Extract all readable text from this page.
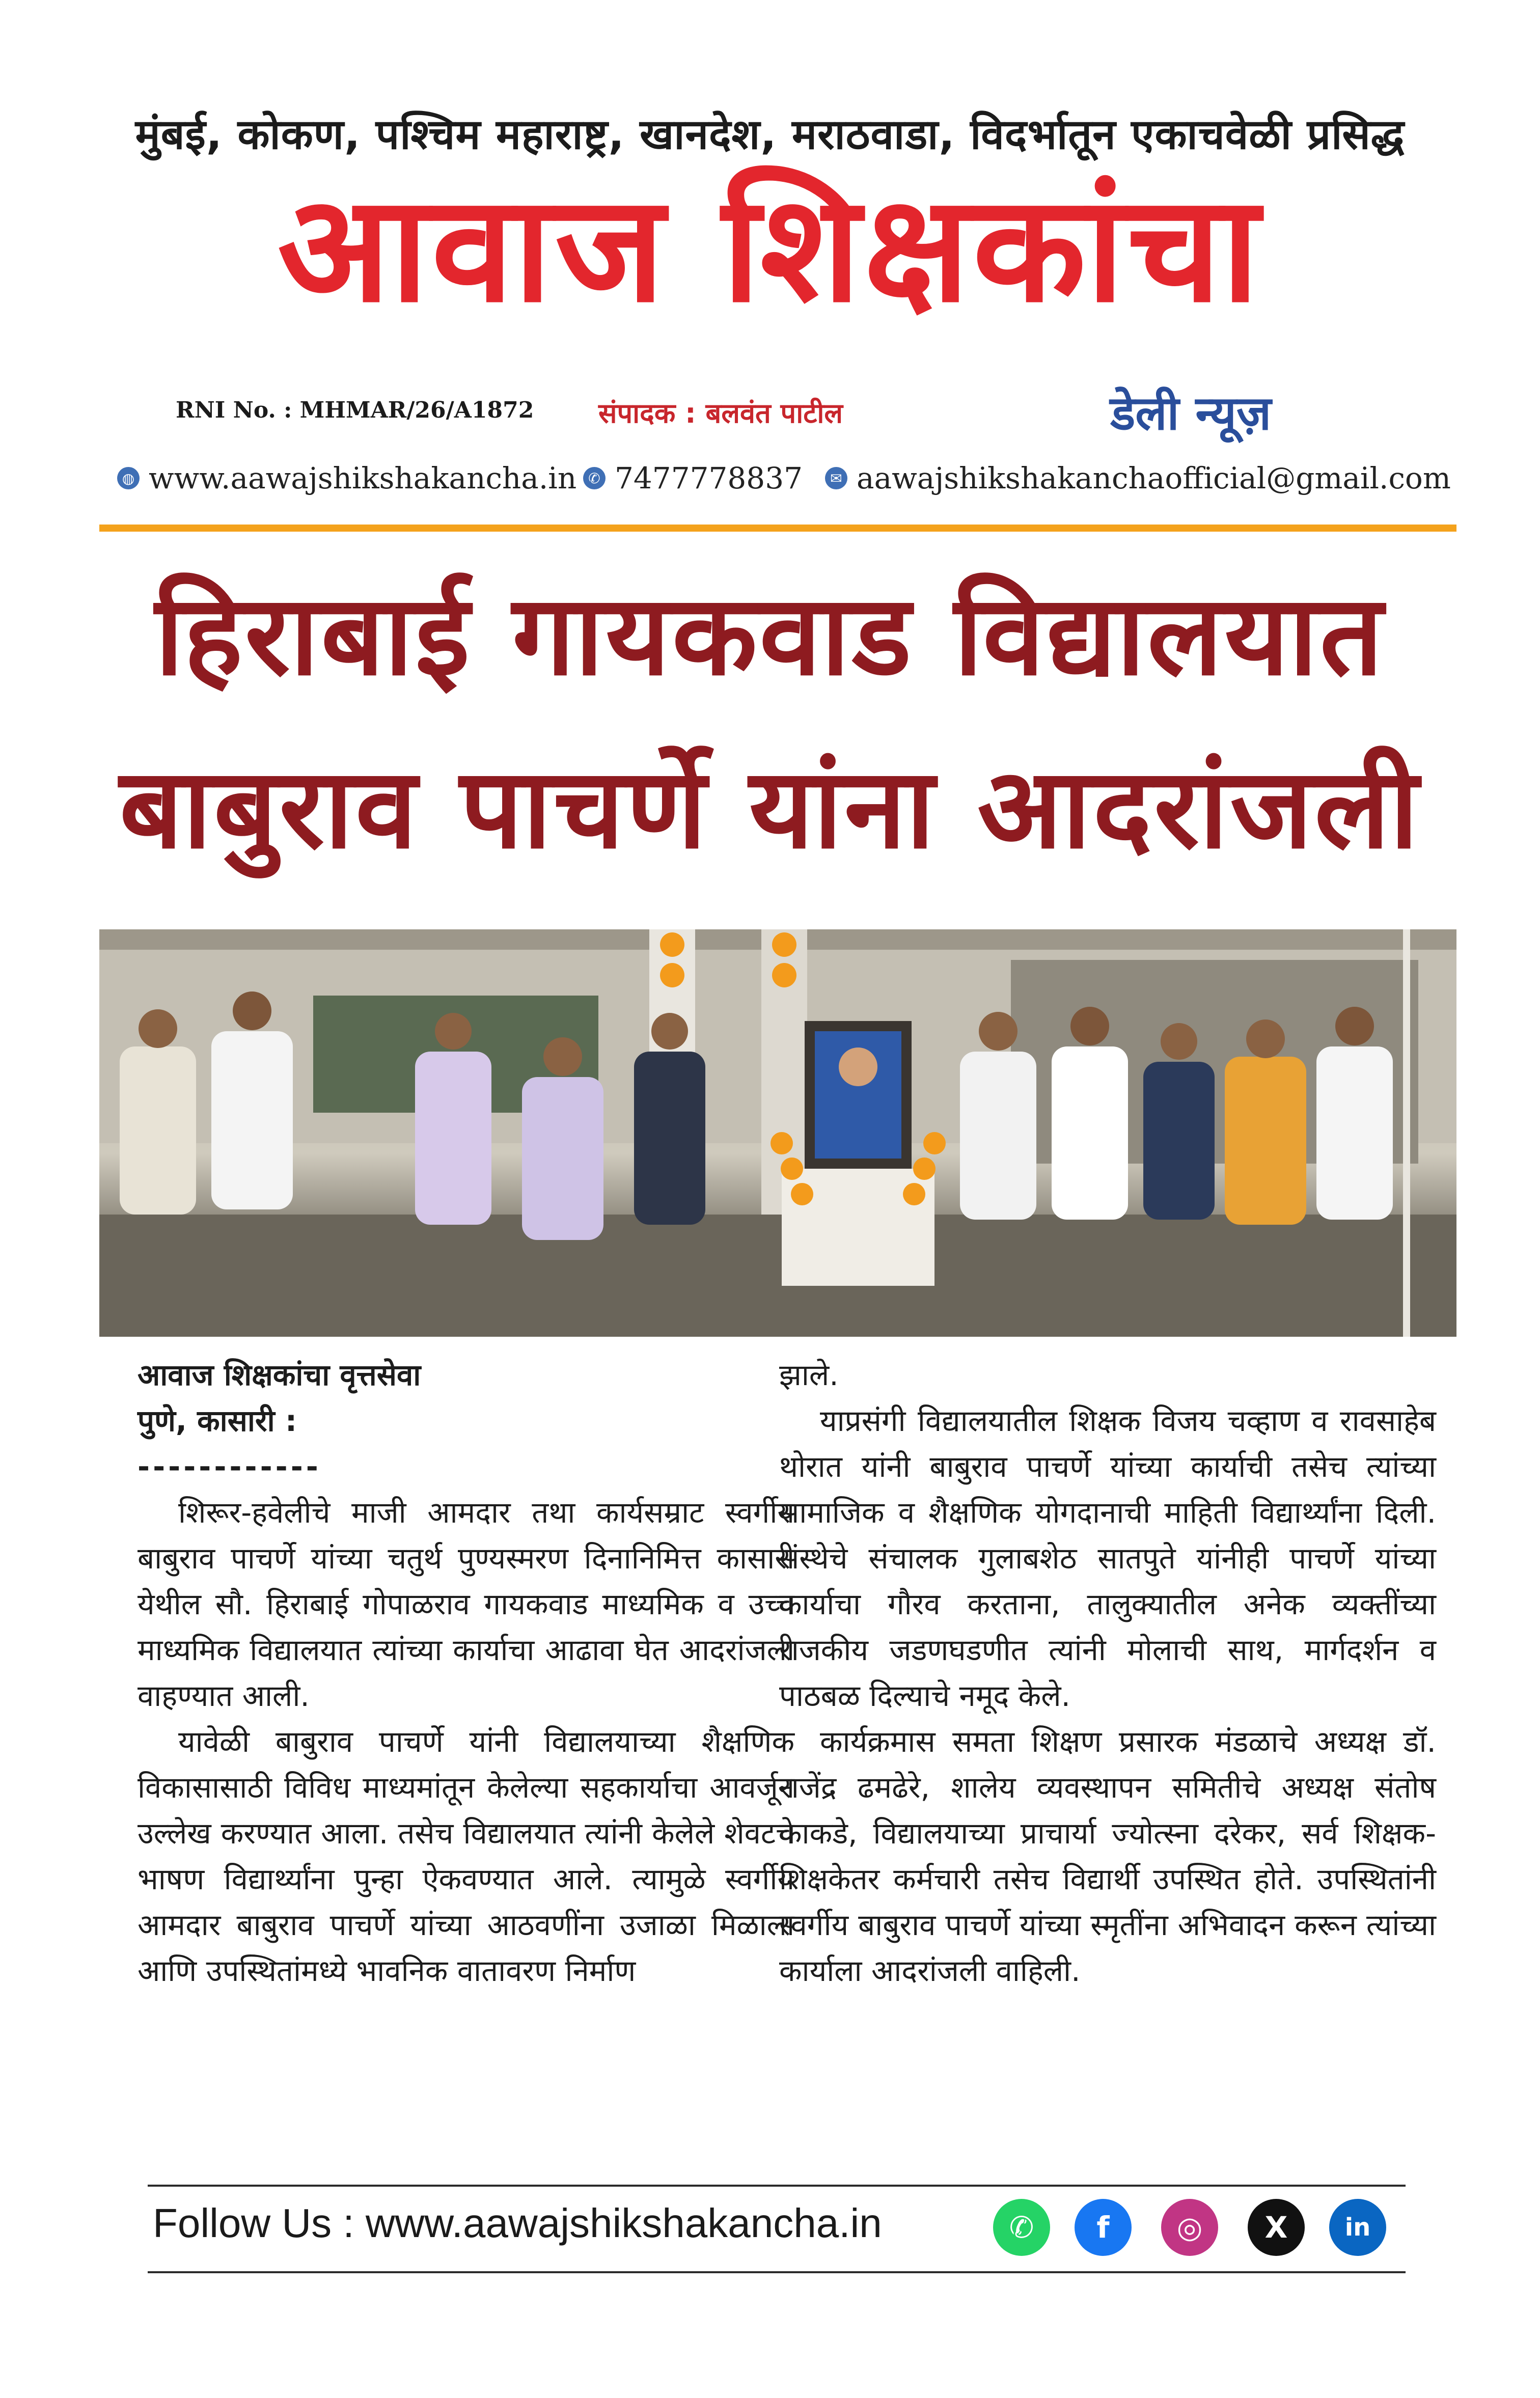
मुंबई, कोकण, पश्चिम महाराष्ट्र, खानदेश, मराठवाडा, विदर्भातून एकाचवेळी प्रसिद्ध
आवाज शिक्षकांचा
RNI No. : MHMAR/26/A1872 संपादक : बलवंत पाटील	डेली न्यूज़
◍ www.aawajshikshakancha.in ✆ 7477778837	✉ aawajshikshakanchaofficial@gmail.com
हिराबाई गायकवाड विद्यालयात
बाबुराव पाचर्णे यांना आदरांजली

आवाज शिक्षकांचा वृत्तसेवा

पुणे, कासारी :

------------

शिरूर-हवेलीचे माजी आमदार तथा कार्यसम्राट स्वर्गीय बाबुराव पाचर्णे यांच्या चतुर्थ पुण्यस्मरण दिनानिमित्त कासारी येथील सौ. हिराबाई गोपाळराव गायकवाड माध्यमिक व उच्च माध्यमिक विद्यालयात त्यांच्या कार्याचा आढावा घेत आदरांजली वाहण्यात आली.

यावेळी बाबुराव पाचर्णे यांनी विद्यालयाच्या शैक्षणिक विकासासाठी विविध माध्यमांतून केलेल्या सहकार्याचा आवर्जून उल्लेख करण्यात आला. तसेच विद्यालयात त्यांनी केलेले शेवटचे भाषण विद्यार्थ्यांना पुन्हा ऐकवण्यात आले. त्यामुळे स्वर्गीय आमदार बाबुराव पाचर्णे यांच्या आठवणींना उजाळा मिळाला आणि उपस्थितांमध्ये भावनिक वातावरण निर्माण

झाले.

याप्रसंगी विद्यालयातील शिक्षक विजय चव्हाण व रावसाहेब थोरात यांनी बाबुराव पाचर्णे यांच्या कार्याची तसेच त्यांच्या सामाजिक व शैक्षणिक योगदानाची माहिती विद्यार्थ्यांना दिली. संस्थेचे संचालक गुलाबशेठ सातपुते यांनीही पाचर्णे यांच्या कार्याचा गौरव करताना, तालुक्यातील अनेक व्यक्तींच्या राजकीय जडणघडणीत त्यांनी मोलाची साथ, मार्गदर्शन व पाठबळ दिल्याचे नमूद केले.

कार्यक्रमास समता शिक्षण प्रसारक मंडळाचे अध्यक्ष डॉ. राजेंद्र ढमढेरे, शालेय व्यवस्थापन समितीचे अध्यक्ष संतोष काकडे, विद्यालयाच्या प्राचार्या ज्योत्स्ना दरेकर, सर्व शिक्षक-शिक्षकेतर कर्मचारी तसेच विद्यार्थी उपस्थित होते. उपस्थितांनी स्वर्गीय बाबुराव पाचर्णे यांच्या स्मृतींना अभिवादन करून त्यांच्या कार्याला आदरांजली वाहिली.

Follow Us : www.aawajshikshakancha.in	✆	f	◎	X	in
